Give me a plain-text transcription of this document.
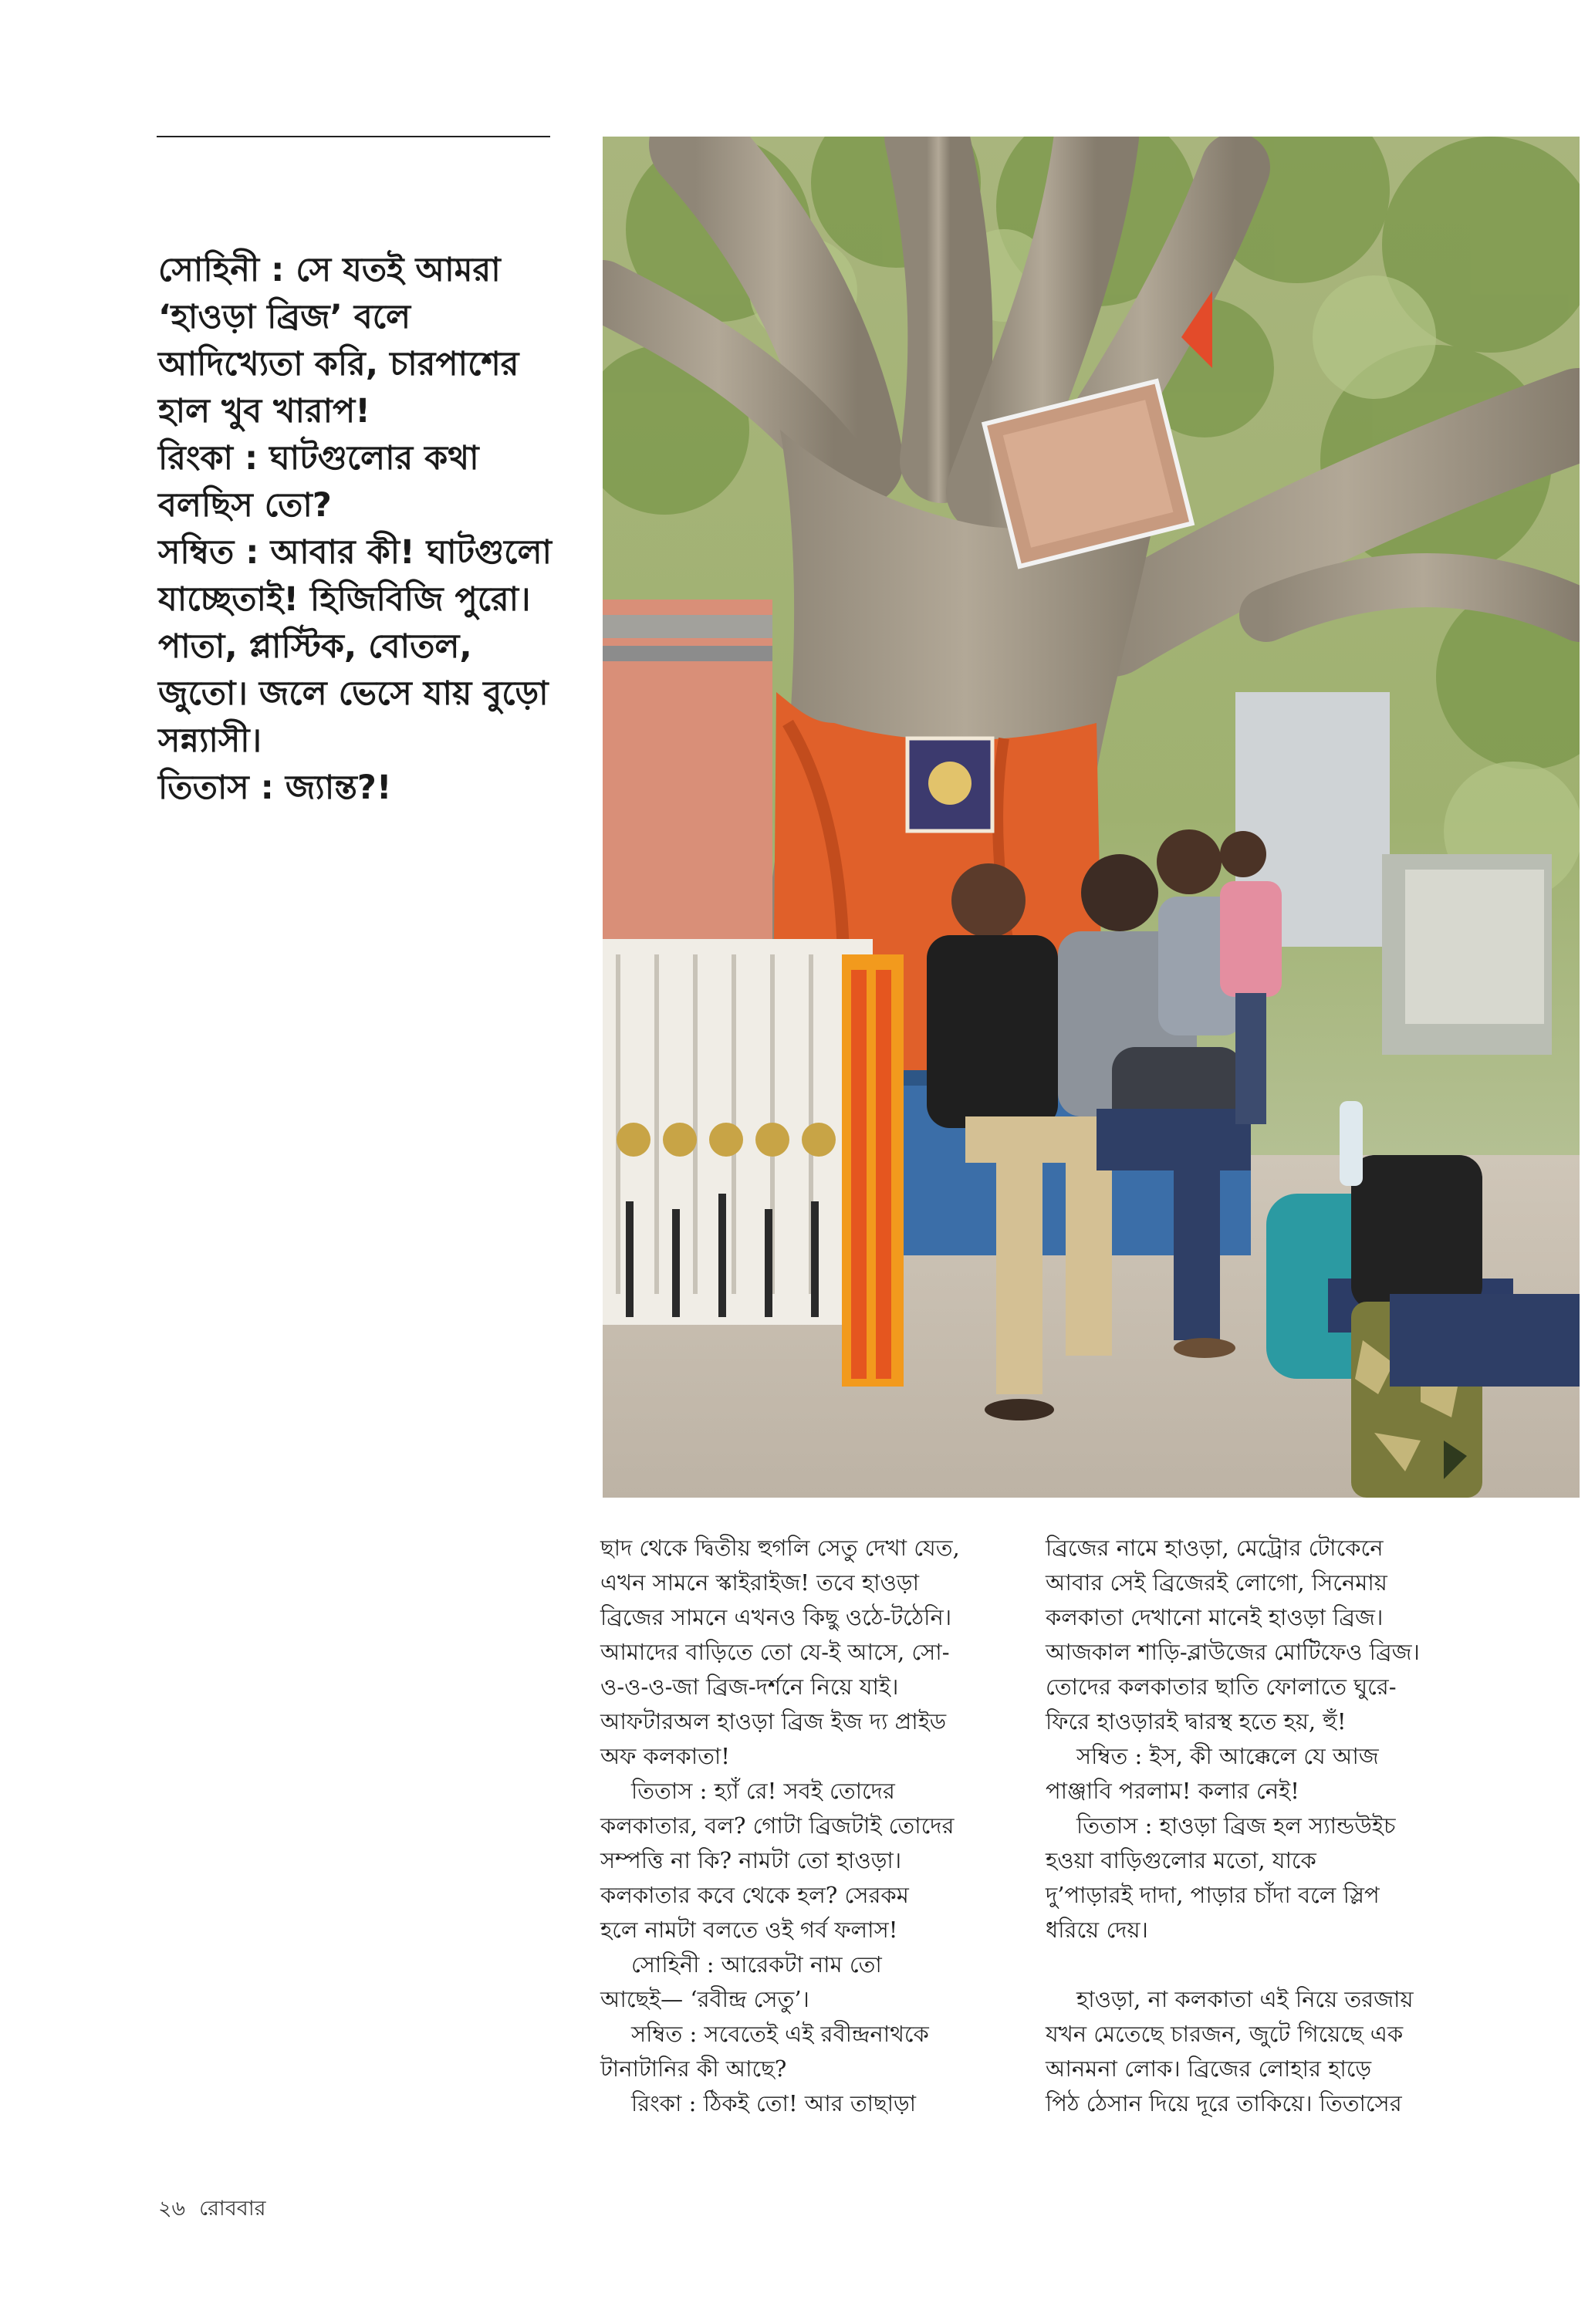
সোহিনী : সে যতই আমরা
‘হাওড়া ব্রিজ’ বলে
আদিখ্যেতা করি, চারপাশের
হাল খুব খারাপ!
রিংকা : ঘাটগুলোর কথা
বলছিস তো?
সম্বিত : আবার কী! ঘাটগুলো
যাচ্ছেতাই! হিজিবিজি পুরো।
পাতা, প্লাস্টিক, বোতল,
জুতো। জলে ভেসে যায় বুড়ো
সন্ন্যাসী।
তিতাস : জ্যান্ত?!
ছাদ থেকে দ্বিতীয় হুগলি সেতু দেখা যেত,
এখন সামনে স্কাইরাইজ! তবে হাওড়া
ব্রিজের সামনে এখনও কিছু ওঠে-টঠেনি।
আমাদের বাড়িতে তো যে-ই আসে, সো-
ও-ও-ও-জা ব্রিজ-দর্শনে নিয়ে যাই।
আফটারঅল হাওড়া ব্রিজ ইজ দ্য প্রাইড
অফ কলকাতা!
তিতাস : হ্যাঁ রে! সবই তোদের
কলকাতার, বল? গোটা ব্রিজটাই তোদের
সম্পত্তি না কি? নামটা তো হাওড়া।
কলকাতার কবে থেকে হল? সেরকম
হলে নামটা বলতে ওই গর্ব ফলাস!
সোহিনী : আরেকটা নাম তো
আছেই— ‘রবীন্দ্র সেতু’।
সম্বিত : সবেতেই এই রবীন্দ্রনাথকে
টানাটানির কী আছে?
রিংকা : ঠিকই তো! আর তাছাড়া
ব্রিজের নামে হাওড়া, মেট্রোর টোকেনে
আবার সেই ব্রিজেরই লোগো, সিনেমায়
কলকাতা দেখানো মানেই হাওড়া ব্রিজ।
আজকাল শাড়ি-ব্লাউজের মোটিফেও ব্রিজ।
তোদের কলকাতার ছাতি ফোলাতে ঘুরে-
ফিরে হাওড়ারই দ্বারস্থ হতে হয়, হুঁ!
সম্বিত : ইস, কী আক্কেলে যে আজ
পাঞ্জাবি পরলাম! কলার নেই!
তিতাস : হাওড়া ব্রিজ হল স্যান্ডউইচ
হওয়া বাড়িগুলোর মতো, যাকে
দু’পাড়ারই দাদা, পাড়ার চাঁদা বলে স্লিপ
ধরিয়ে দেয়।
হাওড়া, না কলকাতা এই নিয়ে তরজায়
যখন মেতেছে চারজন, জুটে গিয়েছে এক
আনমনা লোক। ব্রিজের লোহার হাড়ে
পিঠ ঠেসান দিয়ে দূরে তাকিয়ে। তিতাসের
২৬ রোববার
